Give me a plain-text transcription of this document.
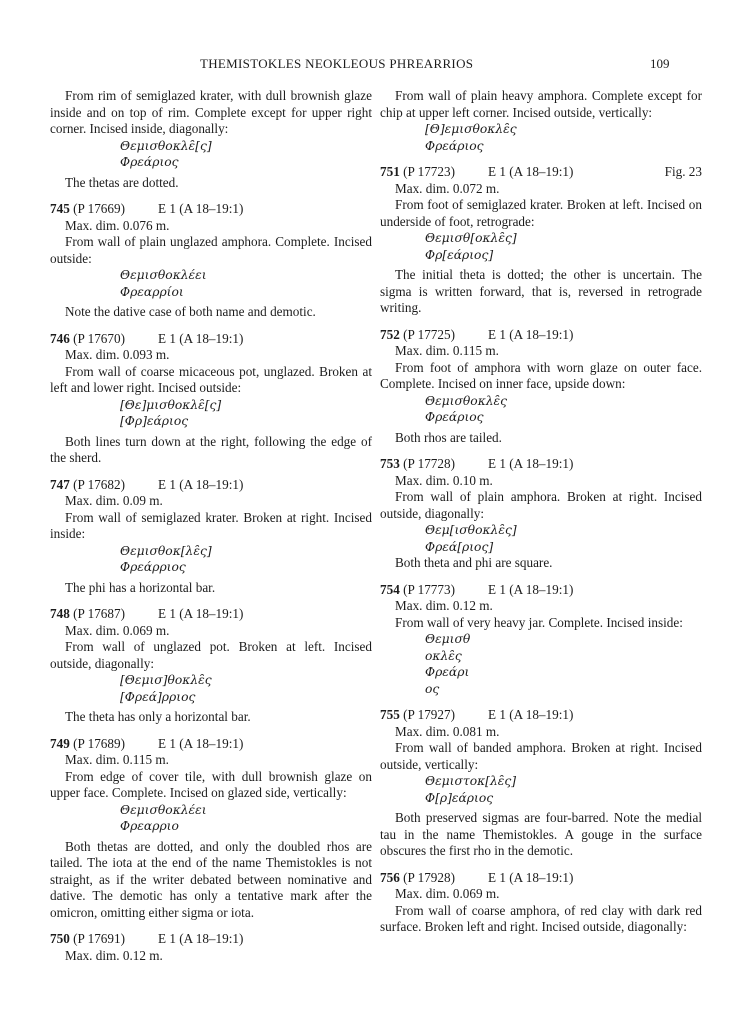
THEMISTOKLES NEOKLEOUS PHREARRIOS	109

From rim of semiglazed krater, with dull brownish glaze inside and on top of rim. Complete except for upper right corner. Incised inside, diagonally:

Θεμισθοκλε̑[ς]

Φρεάριος

The thetas are dotted.

745 (P 17669)	E 1 (A 18–19:1)

Max. dim. 0.076 m.

From wall of plain unglazed amphora. Complete. Incised outside:

Θεμισθοκλέει

Φρεαρρίοι

Note the dative case of both name and demotic.

746 (P 17670)	E 1 (A 18–19:1)

Max. dim. 0.093 m.

From wall of coarse micaceous pot, unglazed. Broken at left and lower right. Incised outside:

[Θε]μισθοκλε̑[ς]

[Φρ]εάριος

Both lines turn down at the right, following the edge of the sherd.

747 (P 17682)	E 1 (A 18–19:1)

Max. dim. 0.09 m.

From wall of semiglazed krater. Broken at right. Incised inside:

Θεμισθοκ[λε̑ς]

Φρεάρριος

The phi has a horizontal bar.

748 (P 17687)	E 1 (A 18–19:1)

Max. dim. 0.069 m.

From wall of unglazed pot. Broken at left. Incised outside, diagonally:

[Θεμισ]θοκλε̑ς

[Φρεά]ρριος

The theta has only a horizontal bar.

749 (P 17689)	E 1 (A 18–19:1)

Max. dim. 0.115 m.

From edge of cover tile, with dull brownish glaze on upper face. Complete. Incised on glazed side, vertically:

Θεμισθοκλέει

Φρεαρριο

Both thetas are dotted, and only the doubled rhos are tailed. The iota at the end of the name Themistokles is not straight, as if the writer debated between nominative and dative. The demotic has only a tentative mark after the omicron, omitting either sigma or iota.

750 (P 17691)	E 1 (A 18–19:1)

Max. dim. 0.12 m.

From wall of plain heavy amphora. Complete except for chip at upper left corner. Incised outside, vertically:

[Θ]εμισθοκλε̑ς

Φρεάριος

751 (P 17723)	E 1 (A 18–19:1)	Fig. 23

Max. dim. 0.072 m.

From foot of semiglazed krater. Broken at left. Incised on underside of foot, retrograde:

Θεμισθ[οκλε̑ς]

Φρ[εάριος]

The initial theta is dotted; the other is uncertain. The sigma is written forward, that is, reversed in retrograde writing.

752 (P 17725)	E 1 (A 18–19:1)

Max. dim. 0.115 m.

From foot of amphora with worn glaze on outer face. Complete. Incised on inner face, upside down:

Θεμισθοκλε̑ς

Φρεάριος

Both rhos are tailed.

753 (P 17728)	E 1 (A 18–19:1)

Max. dim. 0.10 m.

From wall of plain amphora. Broken at right. Incised outside, diagonally:

Θεμ[ισθοκλε̑ς]

Φρεά[ριος]

Both theta and phi are square.

754 (P 17773)	E 1 (A 18–19:1)

Max. dim. 0.12 m.

From wall of very heavy jar. Complete. Incised inside:

Θεμισθ

οκλε̑ς

Φρεάρι

ος

755 (P 17927)	E 1 (A 18–19:1)

Max. dim. 0.081 m.

From wall of banded amphora. Broken at right. Incised outside, vertically:

Θεμιστοκ[λε̑ς]

Φ[ρ]εάριος

Both preserved sigmas are four-barred. Note the medial tau in the name Themistokles. A gouge in the surface obscures the first rho in the demotic.

756 (P 17928)	E 1 (A 18–19:1)

Max. dim. 0.069 m.

From wall of coarse amphora, of red clay with dark red surface. Broken left and right. Incised outside, diagonally:
